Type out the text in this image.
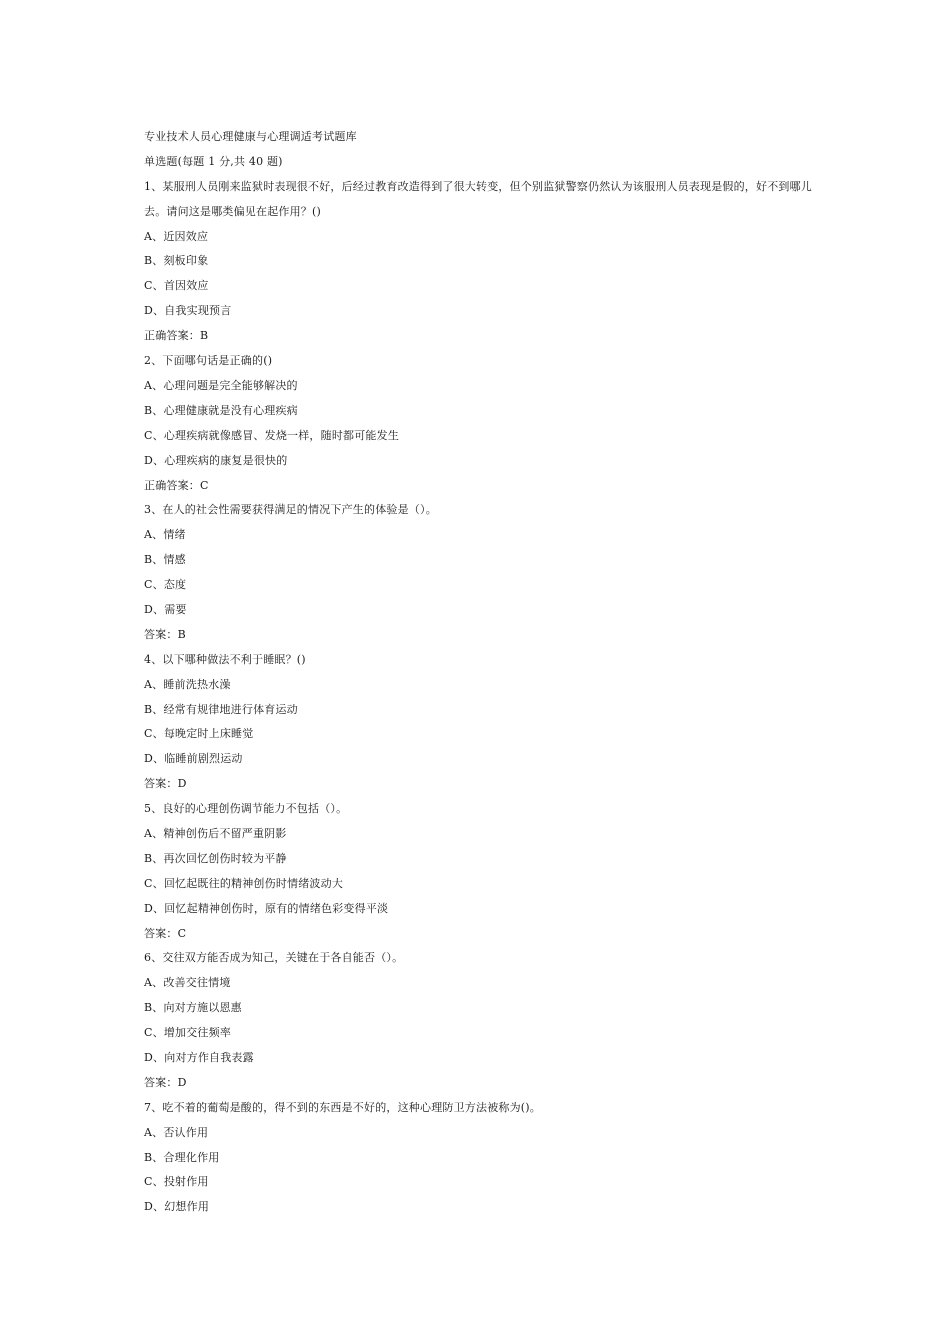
专业技术人员心理健康与心理调适考试题库
单选题(每题 1 分,共 40 题)
1、某服刑人员刚来监狱时表现很不好，后经过教育改造得到了很大转变，但个别监狱警察仍然认为该服刑人员表现是假的，好不到哪儿去。请问这是哪类偏见在起作用？()
A、近因效应
B、刻板印象
C、首因效应
D、自我实现预言
正确答案：B
2、下面哪句话是正确的()
A、心理问题是完全能够解决的
B、心理健康就是没有心理疾病
C、心理疾病就像感冒、发烧一样，随时都可能发生
D、心理疾病的康复是很快的
正确答案：C
3、在人的社会性需要获得满足的情况下产生的体验是（）。
A、情绪
B、情感
C、态度
D、需要
答案：B
4、以下哪种做法不利于睡眠？()
A、睡前洗热水澡
B、经常有规律地进行体育运动
C、每晚定时上床睡觉
D、临睡前剧烈运动
答案：D
5、良好的心理创伤调节能力不包括（）。
A、精神创伤后不留严重阴影
B、再次回忆创伤时较为平静
C、回忆起既往的精神创伤时情绪波动大
D、回忆起精神创伤时，原有的情绪色彩变得平淡
答案：C
6、交往双方能否成为知己，关键在于各自能否（）。
A、改善交往情境
B、向对方施以恩惠
C、增加交往频率
D、向对方作自我表露
答案：D
7、吃不着的葡萄是酸的，得不到的东西是不好的，这种心理防卫方法被称为()。
A、否认作用
B、合理化作用
C、投射作用
D、幻想作用
